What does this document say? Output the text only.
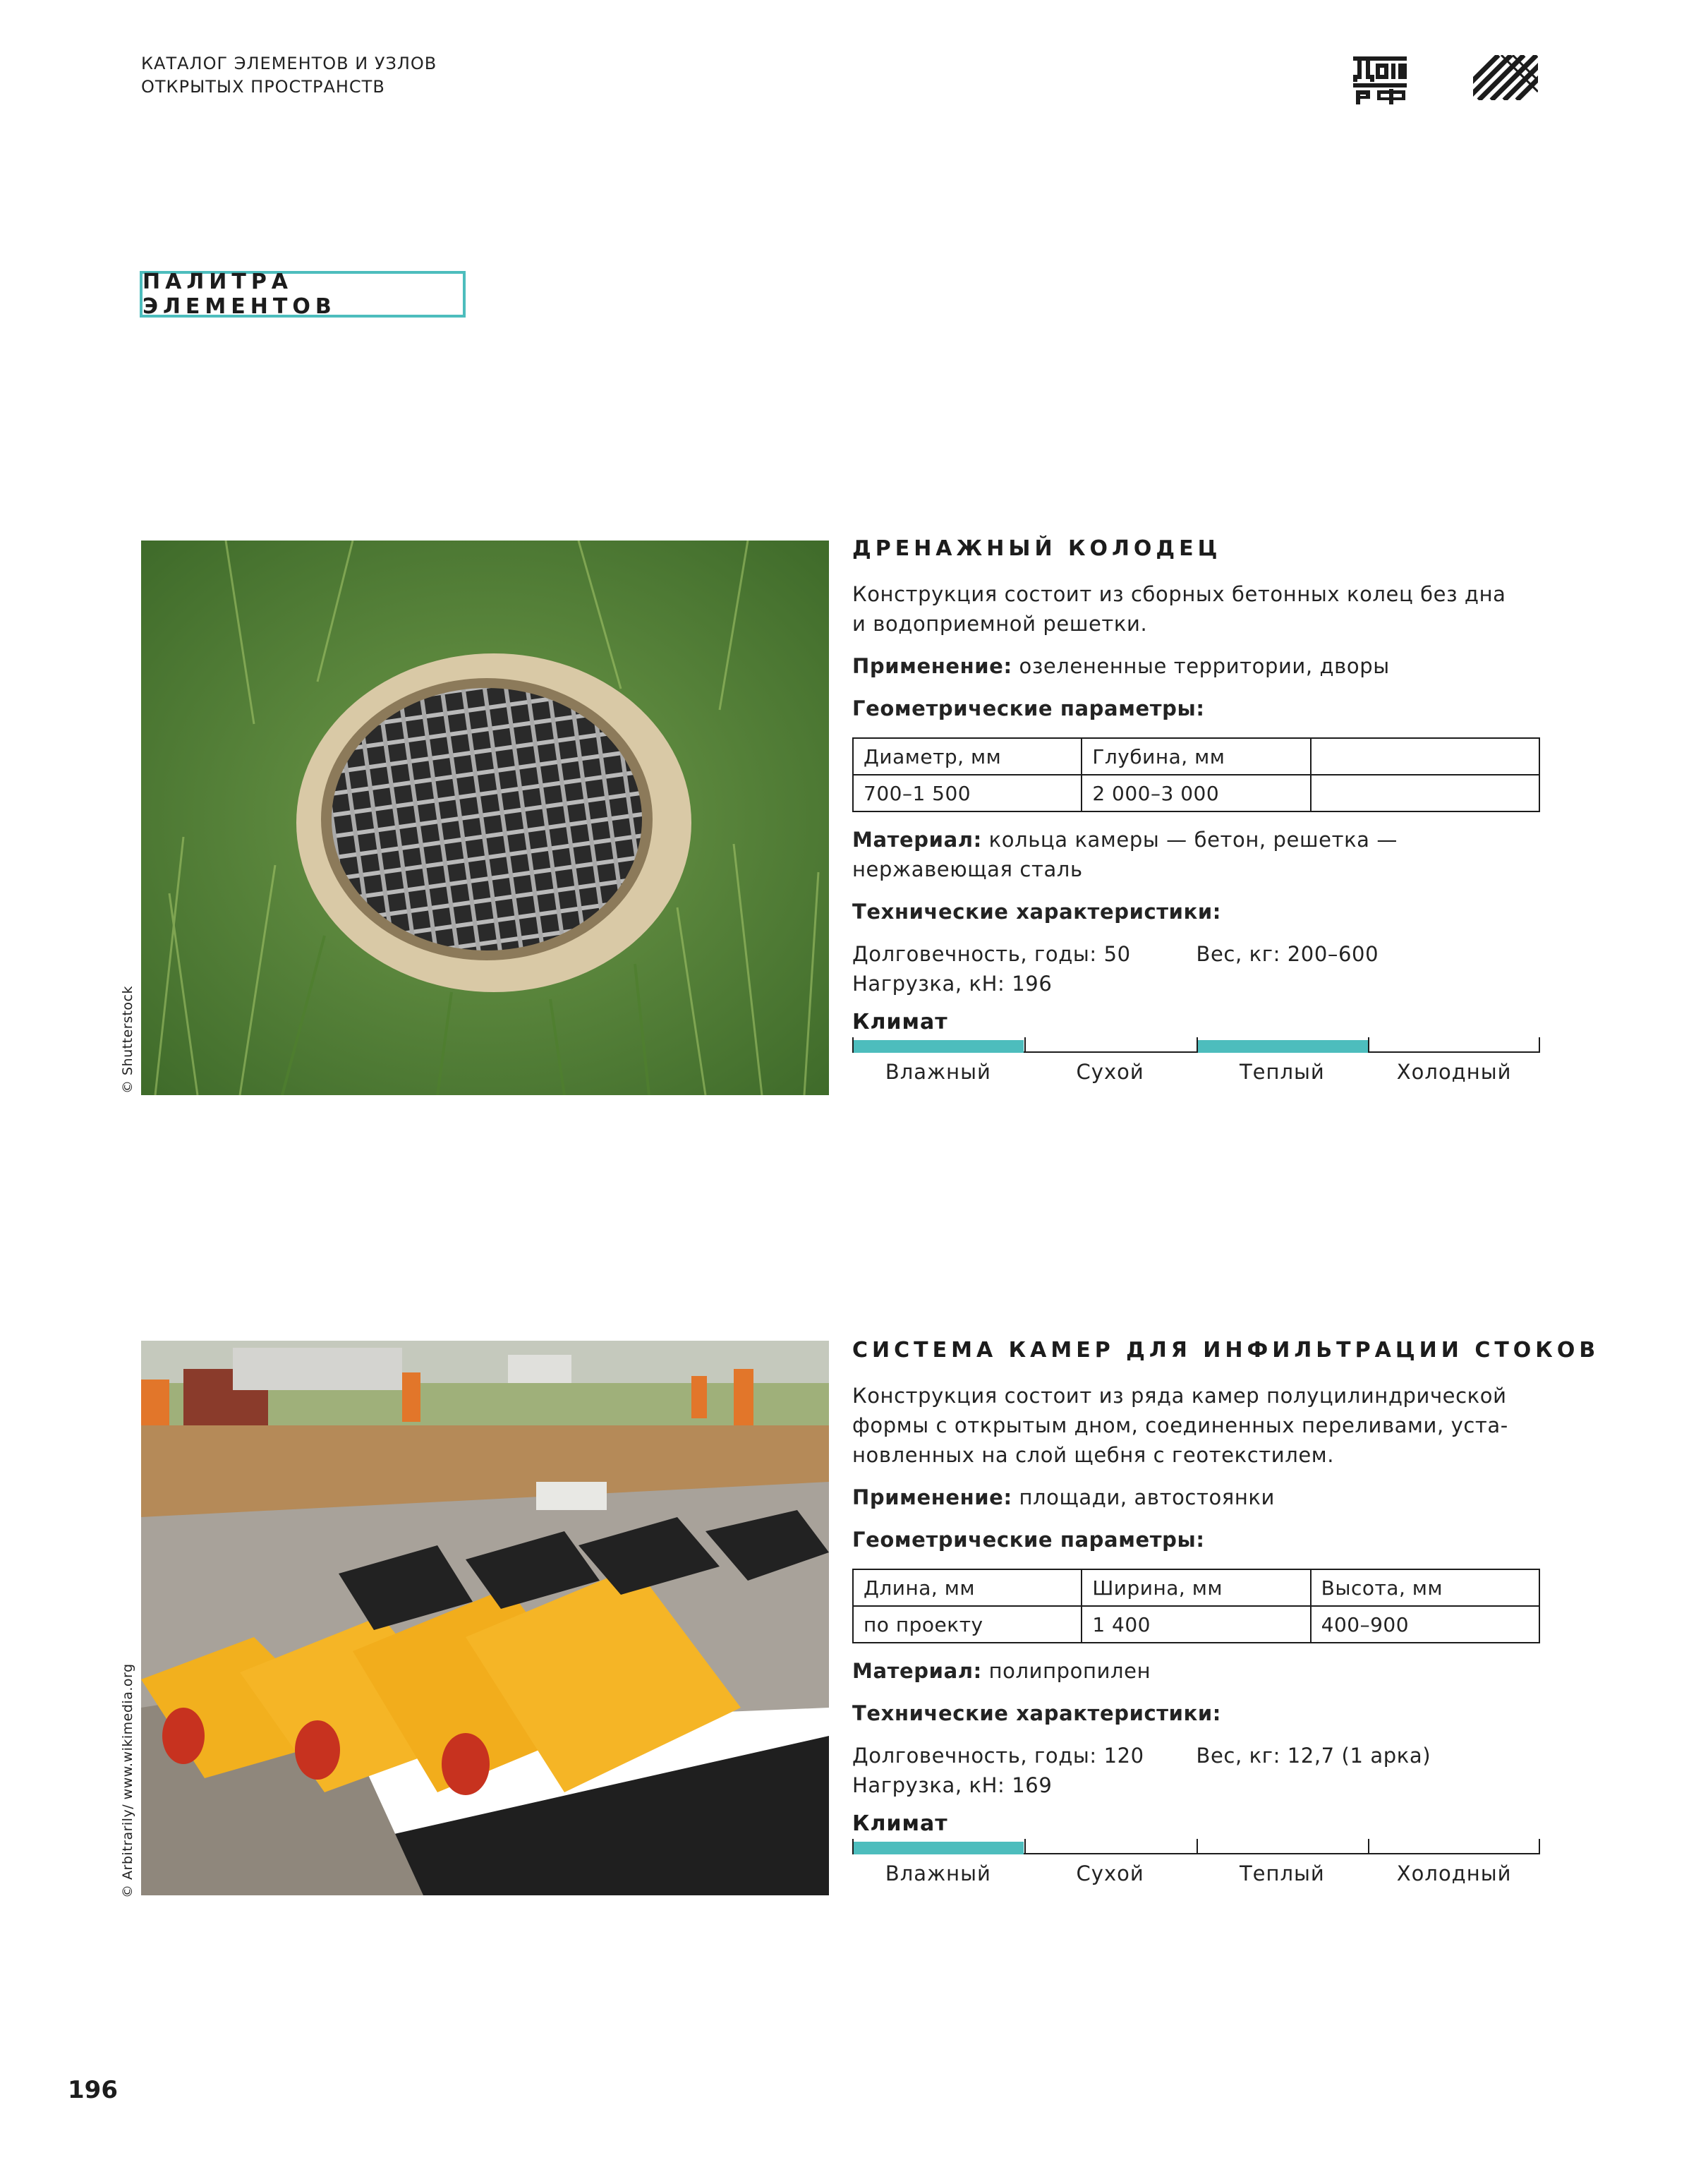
КАТАЛОГ ЭЛЕМЕНТОВ И УЗЛОВ
ОТКРЫТЫХ ПРОСТРАНСТВ
ПАЛИТРА ЭЛЕМЕНТОВ
© Shutterstock
ДРЕНАЖНЫЙ КОЛОДЕЦ

Конструкция состоит из сборных бетонных колец без дна

и водоприемной решетки.

Применение: озелененные территории, дворы

Геометрические параметры:

Диаметр, мм	Глубина, мм	
700–1 500	2 000–3 000	

Материал: кольца камеры — бетон, решетка —

нержавеющая сталь

Технические характеристики:

Долговечность, годы: 50	Вес, кг: 200–600

Нагрузка, кН: 196

Климат
Влажный	Сухой	Теплый	Холодный
© Arbitrarily/ www.wikimedia.org
СИСТЕМА КАМЕР ДЛЯ ИНФИЛЬТРАЦИИ СТОКОВ

Конструкция состоит из ряда камер полуцилиндрической

формы с открытым дном, соединенных переливами, уста-

новленных на слой щебня с геотекстилем.

Применение: площади, автостоянки

Геометрические параметры:

Длина, мм	Ширина, мм	Высота, мм
по проекту	1 400	400–900

Материал: полипропилен

Технические характеристики:

Долговечность, годы: 120	Вес, кг: 12,7 (1 арка)

Нагрузка, кН: 169

Климат
Влажный	Сухой	Теплый	Холодный
196
